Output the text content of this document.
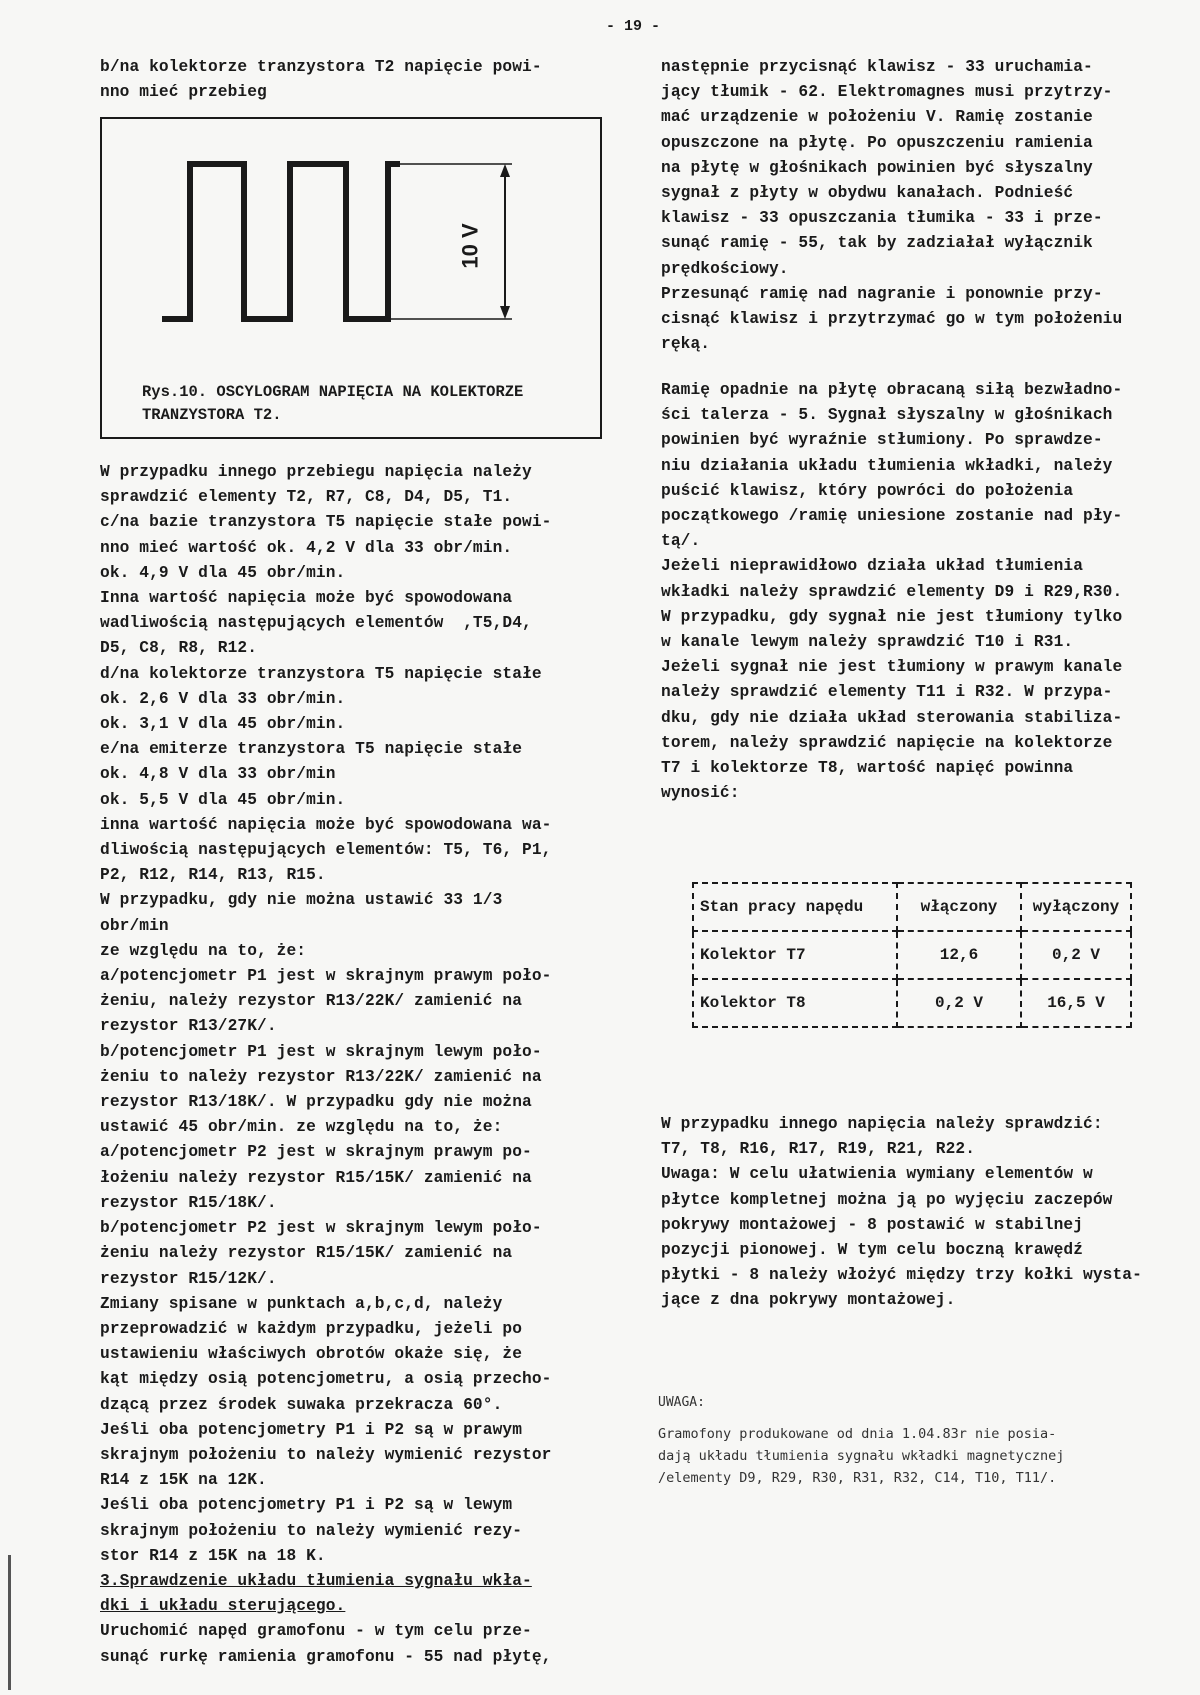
- 19 -

b/na kolektorze tranzystora T2 napięcie powi-

nno mieć przebieg

10 V

Rys.10. OSCYLOGRAM NAPIĘCIA NA KOLEKTORZE

TRANZYSTORA T2.

W przypadku innego przebiegu napięcia należy

sprawdzić elementy T2, R7, C8, D4, D5, T1.

c/na bazie tranzystora T5 napięcie stałe powi-

nno mieć wartość ok. 4,2 V dla 33 obr/min.

ok. 4,9 V dla 45 obr/min.

Inna wartość napięcia może być spowodowana

wadliwością następujących elementów  ,T5,D4,

D5, C8, R8, R12.

d/na kolektorze tranzystora T5 napięcie stałe

ok. 2,6 V dla 33 obr/min.

ok. 3,1 V dla 45 obr/min.

e/na emiterze tranzystora T5 napięcie stałe

ok. 4,8 V dla 33 obr/min

ok. 5,5 V dla 45 obr/min.

inna wartość napięcia może być spowodowana wa-

dliwością następujących elementów: T5, T6, P1,

P2, R12, R14, R13, R15.

W przypadku, gdy nie można ustawić 33 1/3 obr/min

ze względu na to, że:

a/potencjometr P1 jest w skrajnym prawym poło-

żeniu, należy rezystor R13/22K/ zamienić na

rezystor R13/27K/.

b/potencjometr P1 jest w skrajnym lewym poło-

żeniu to należy rezystor R13/22K/ zamienić na

rezystor R13/18K/. W przypadku gdy nie można

ustawić 45 obr/min. ze względu na to, że:

a/potencjometr P2 jest w skrajnym prawym po-

łożeniu należy rezystor R15/15K/ zamienić na

rezystor R15/18K/.

b/potencjometr P2 jest w skrajnym lewym poło-

żeniu należy rezystor R15/15K/ zamienić na

rezystor R15/12K/.

Zmiany spisane w punktach a,b,c,d, należy

przeprowadzić w każdym przypadku, jeżeli po

ustawieniu właściwych obrotów okaże się, że

kąt między osią potencjometru, a osią przecho-

dzącą przez środek suwaka przekracza 60°.

Jeśli oba potencjometry P1 i P2 są w prawym

skrajnym położeniu to należy wymienić rezystor

R14 z 15K na 12K.

Jeśli oba potencjometry P1 i P2 są w lewym

skrajnym położeniu to należy wymienić rezy-

stor R14 z 15K na 18 K.

3.Sprawdzenie układu tłumienia sygnału wkła-

dki i układu sterującego.

Uruchomić napęd gramofonu - w tym celu prze-

sunąć rurkę ramienia gramofonu - 55 nad płytę,

następnie przycisnąć klawisz - 33 uruchamia-

jący tłumik - 62. Elektromagnes musi przytrzy-

mać urządzenie w położeniu V. Ramię zostanie

opuszczone na płytę. Po opuszczeniu ramienia

na płytę w głośnikach powinien być słyszalny

sygnał z płyty w obydwu kanałach. Podnieść

klawisz - 33 opuszczania tłumika - 33 i prze-

sunąć ramię - 55, tak by zadziałał wyłącznik

prędkościowy.

Przesunąć ramię nad nagranie i ponownie przy-

cisnąć klawisz i przytrzymać go w tym położeniu

ręką.

Ramię opadnie na płytę obracaną siłą bezwładno-

ści talerza - 5. Sygnał słyszalny w głośnikach

powinien być wyraźnie stłumiony. Po sprawdze-

niu działania układu tłumienia wkładki, należy

puścić klawisz, który powróci do położenia

początkowego /ramię uniesione zostanie nad pły-

tą/.

Jeżeli nieprawidłowo działa układ tłumienia

wkładki należy sprawdzić elementy D9 i R29,R30.

W przypadku, gdy sygnał nie jest tłumiony tylko

w kanale lewym należy sprawdzić T10 i R31.

Jeżeli sygnał nie jest tłumiony w prawym kanale

należy sprawdzić elementy T11 i R32. W przypa-

dku, gdy nie działa układ sterowania stabiliza-

torem, należy sprawdzić napięcie na kolektorze

T7 i kolektorze T8, wartość napięć powinna

wynosić:

Stan pracy napędu	włączony	wyłączony
Kolektor T7	12,6	0,2 V
Kolektor T8	0,2 V	16,5 V

W przypadku innego napięcia należy sprawdzić:

T7, T8, R16, R17, R19, R21, R22.

Uwaga: W celu ułatwienia wymiany elementów w

płytce kompletnej można ją po wyjęciu zaczepów

pokrywy montażowej - 8 postawić w stabilnej

pozycji pionowej. W tym celu boczną krawędź

płytki - 8 należy włożyć między trzy kołki wysta-

jące z dna pokrywy montażowej.

UWAGA:

Gramofony produkowane od dnia 1.04.83r nie posia-

dają układu tłumienia sygnału wkładki magnetycznej

/elementy D9, R29, R30, R31, R32, C14, T10, T11/.
